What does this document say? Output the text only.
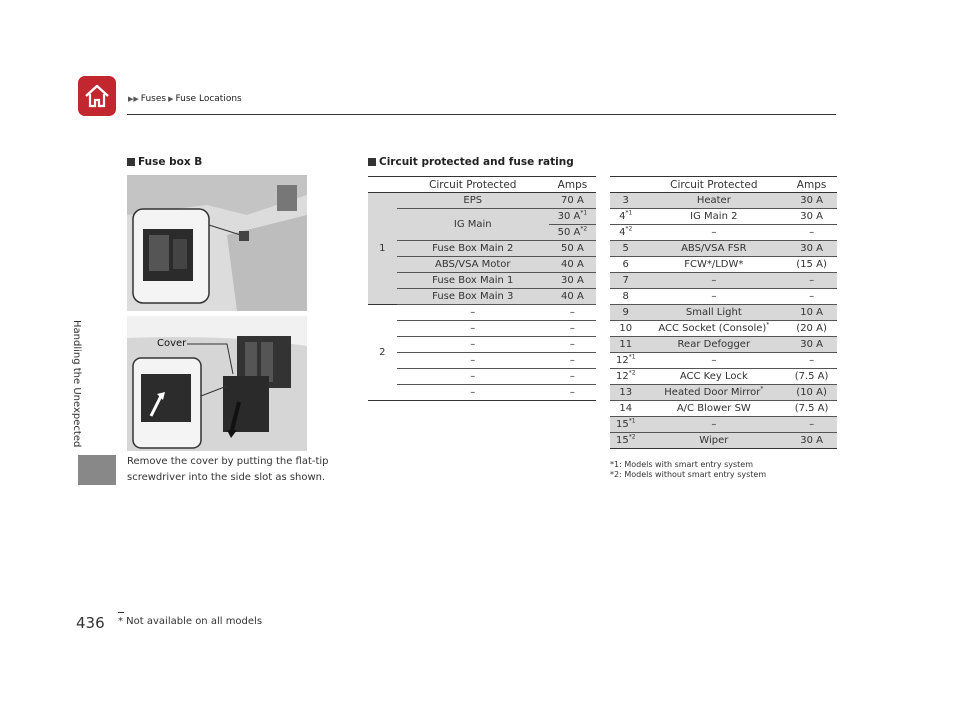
▶▶ Fuses ▶ Fuse Locations
Handling the Unexpected
Fuse box B
Cover
Remove the cover by putting the flat-tip screwdriver into the side slot as shown.
Circuit protected and fuse rating
	Circuit Protected	Amps
1	EPS	70 A
	IG Main	30 $A^{*1}$
		50 $A^{*2}$
	Fuse Box Main 2	50 A
	ABS/VSA Motor	40 A
	Fuse Box Main 1	30 A
	Fuse Box Main 3	40 A
2	–	–
	–	–
	–	–
	–	–
	–	–
	–	–
	Circuit Protected	Amps
3	Heater	30 A
4$^{*1}$	IG Main 2	30 A
4$^{*2}$	–	–
5	ABS/VSA FSR	30 A
6	FCW*/LDW*	(15 A)
7	–	–
8	–	–
9	Small Light	10 A
10	ACC Socket (Console)*	(20 A)
11	Rear Defogger	30 A
12$^{*1}$	–	–
12$^{*2}$	ACC Key Lock	(7.5 A)
13	Heated Door Mirror*	(10 A)
14	A/C Blower SW	(7.5 A)
15$^{*1}$	–	–
15$^{*2}$	Wiper	30 A
*1: Models with smart entry system
*2: Models without smart entry system
436 * Not available on all models
